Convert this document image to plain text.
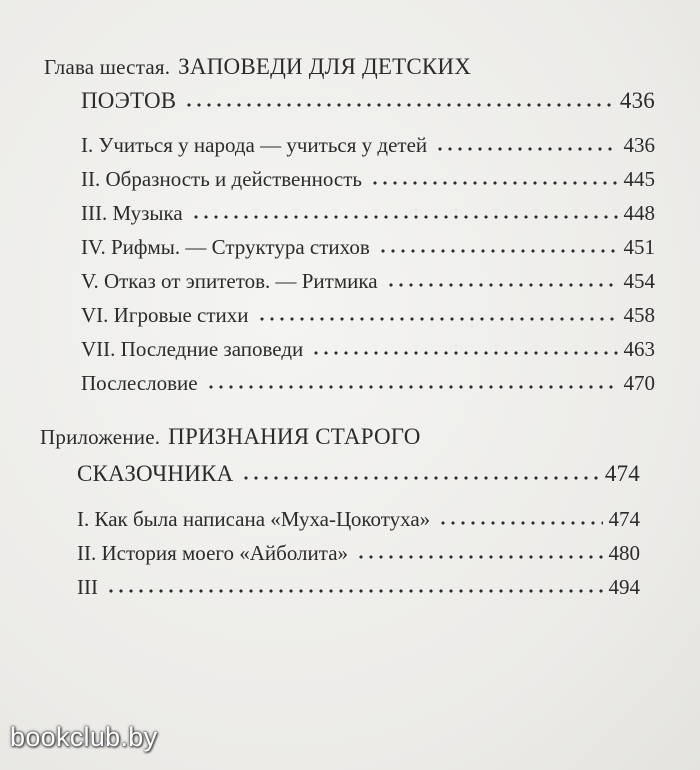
Глава шестая. ЗАПОВЕДИ ДЛЯ ДЕТСКИХ
ПОЭТОВ	436
I. Учиться у народа — учиться у детей	436
II. Образность и действенность	445
III. Музыка	448
IV. Рифмы. — Структура стихов	451
V. Отказ от эпитетов. — Ритмика	454
VI. Игровые стихи	458
VII. Последние заповеди	463
Послесловие	470
Приложение. ПРИЗНАНИЯ СТАРОГО
СКАЗОЧНИКА	474
I. Как была написана «Муха-Цокотуха»	474
II. История моего «Айболита»	480
III	494
bookclub.by
